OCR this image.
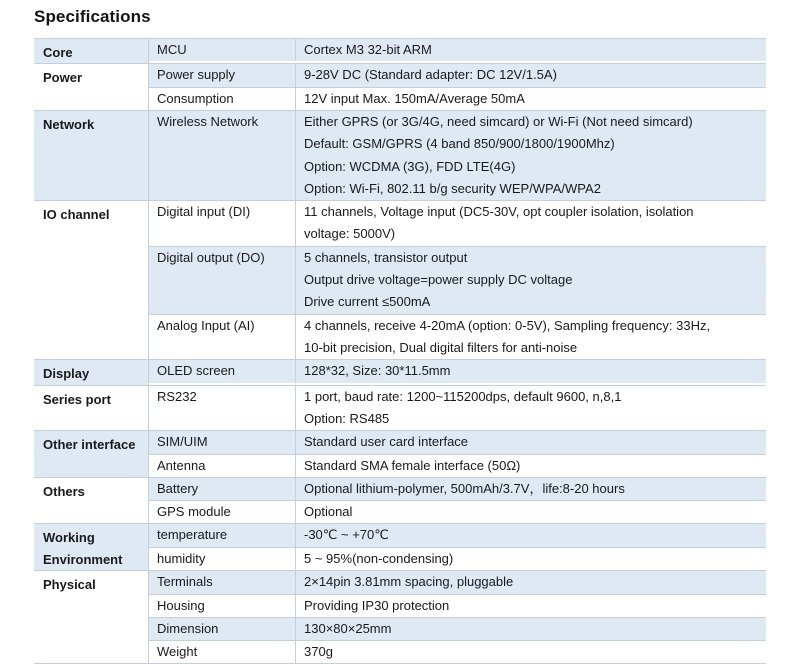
Specifications
Core	MCU	Cortex M3 32-bit ARM
Power	Power supply	9-28V DC (Standard adapter: DC 12V/1.5A)
Consumption	12V input Max. 150mA/Average 50mA
Network	Wireless Network	Either GPRS (or 3G/4G, need simcard) or Wi-Fi (Not need simcard)
Default: GSM/GPRS (4 band 850/900/1800/1900Mhz)
Option: WCDMA (3G), FDD LTE(4G)
Option: Wi-Fi, 802.11 b/g security WEP/WPA/WPA2
IO channel	Digital input (DI)	11 channels, Voltage input (DC5-30V, opt coupler isolation, isolation
voltage: 5000V)
Digital output (DO)	5 channels, transistor output
Output drive voltage=power supply DC voltage
Drive current ≤500mA
Analog Input (AI)	4 channels, receive 4-20mA (option: 0-5V), Sampling frequency: 33Hz,
10-bit precision, Dual digital filters for anti-noise
Display	OLED screen	128*32, Size: 30*11.5mm
Series port	RS232	1 port, baud rate: 1200~115200dps, default 9600, n,8,1
Option: RS485
Other interface	SIM/UIM	Standard user card interface
Antenna	Standard SMA female interface (50Ω)
Others	Battery	Optional lithium-polymer, 500mAh/3.7V，life:8-20 hours
GPS module	Optional
Working
Environment
temperature	-30℃ ~ +70℃
humidity	5 ~ 95%(non-condensing)
Physical	Terminals	2×14pin 3.81mm spacing, pluggable
Housing	Providing IP30 protection
Dimension	130×80×25mm
Weight	370g
